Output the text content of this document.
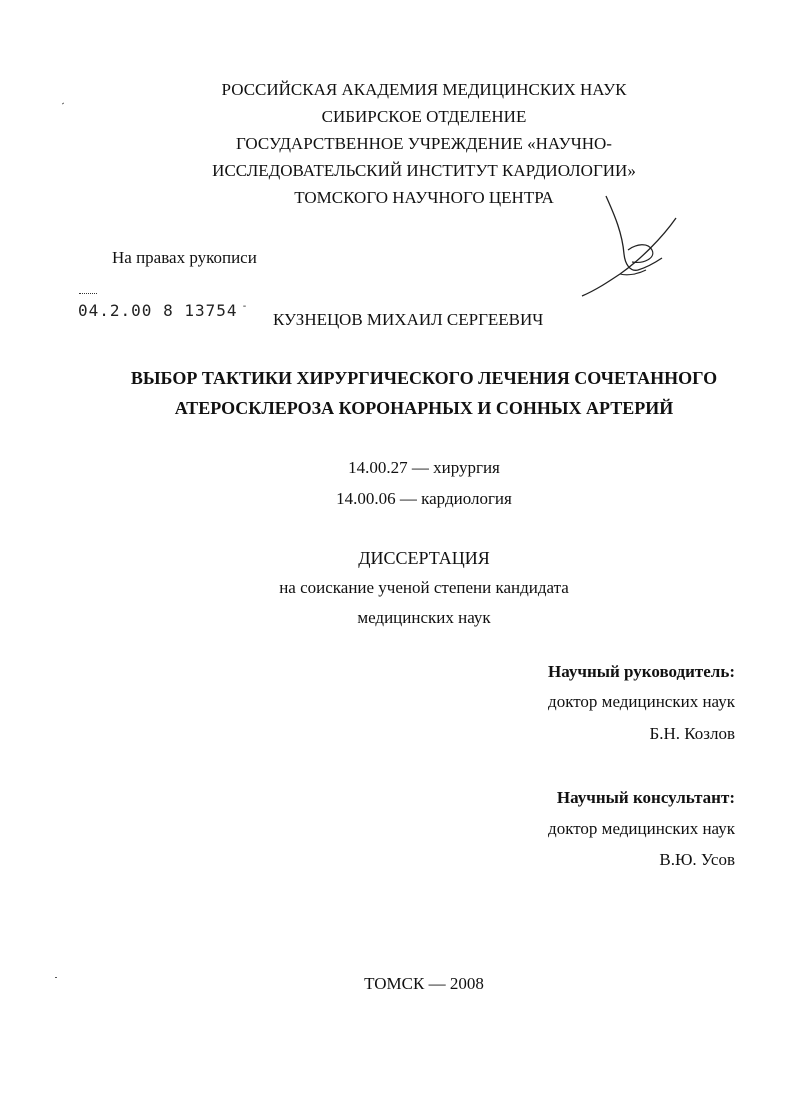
РОССИЙСКАЯ АКАДЕМИЯ МЕДИЦИНСКИХ НАУК
СИБИРСКОЕ ОТДЕЛЕНИЕ
ГОСУДАРСТВЕННОЕ УЧРЕЖДЕНИЕ «НАУЧНО-
ИССЛЕДОВАТЕЛЬСКИЙ ИНСТИТУТ КАРДИОЛОГИИ»
ТОМСКОГО НАУЧНОГО ЦЕНТРА
На правах рукописи
04.2.00 8 13754 -
КУЗНЕЦОВ МИХАИЛ СЕРГЕЕВИЧ
ВЫБОР ТАКТИКИ ХИРУРГИЧЕСКОГО ЛЕЧЕНИЯ СОЧЕТАННОГО
АТЕРОСКЛЕРОЗА КОРОНАРНЫХ И СОННЫХ АРТЕРИЙ
14.00.27 — хирургия
14.00.06 — кардиология
ДИССЕРТАЦИЯ
на соискание ученой степени кандидата
медицинских наук
Научный руководитель:
доктор медицинских наук
Б.Н. Козлов
Научный консультант:
доктор медицинских наук
В.Ю. Усов
ТОМСК — 2008
